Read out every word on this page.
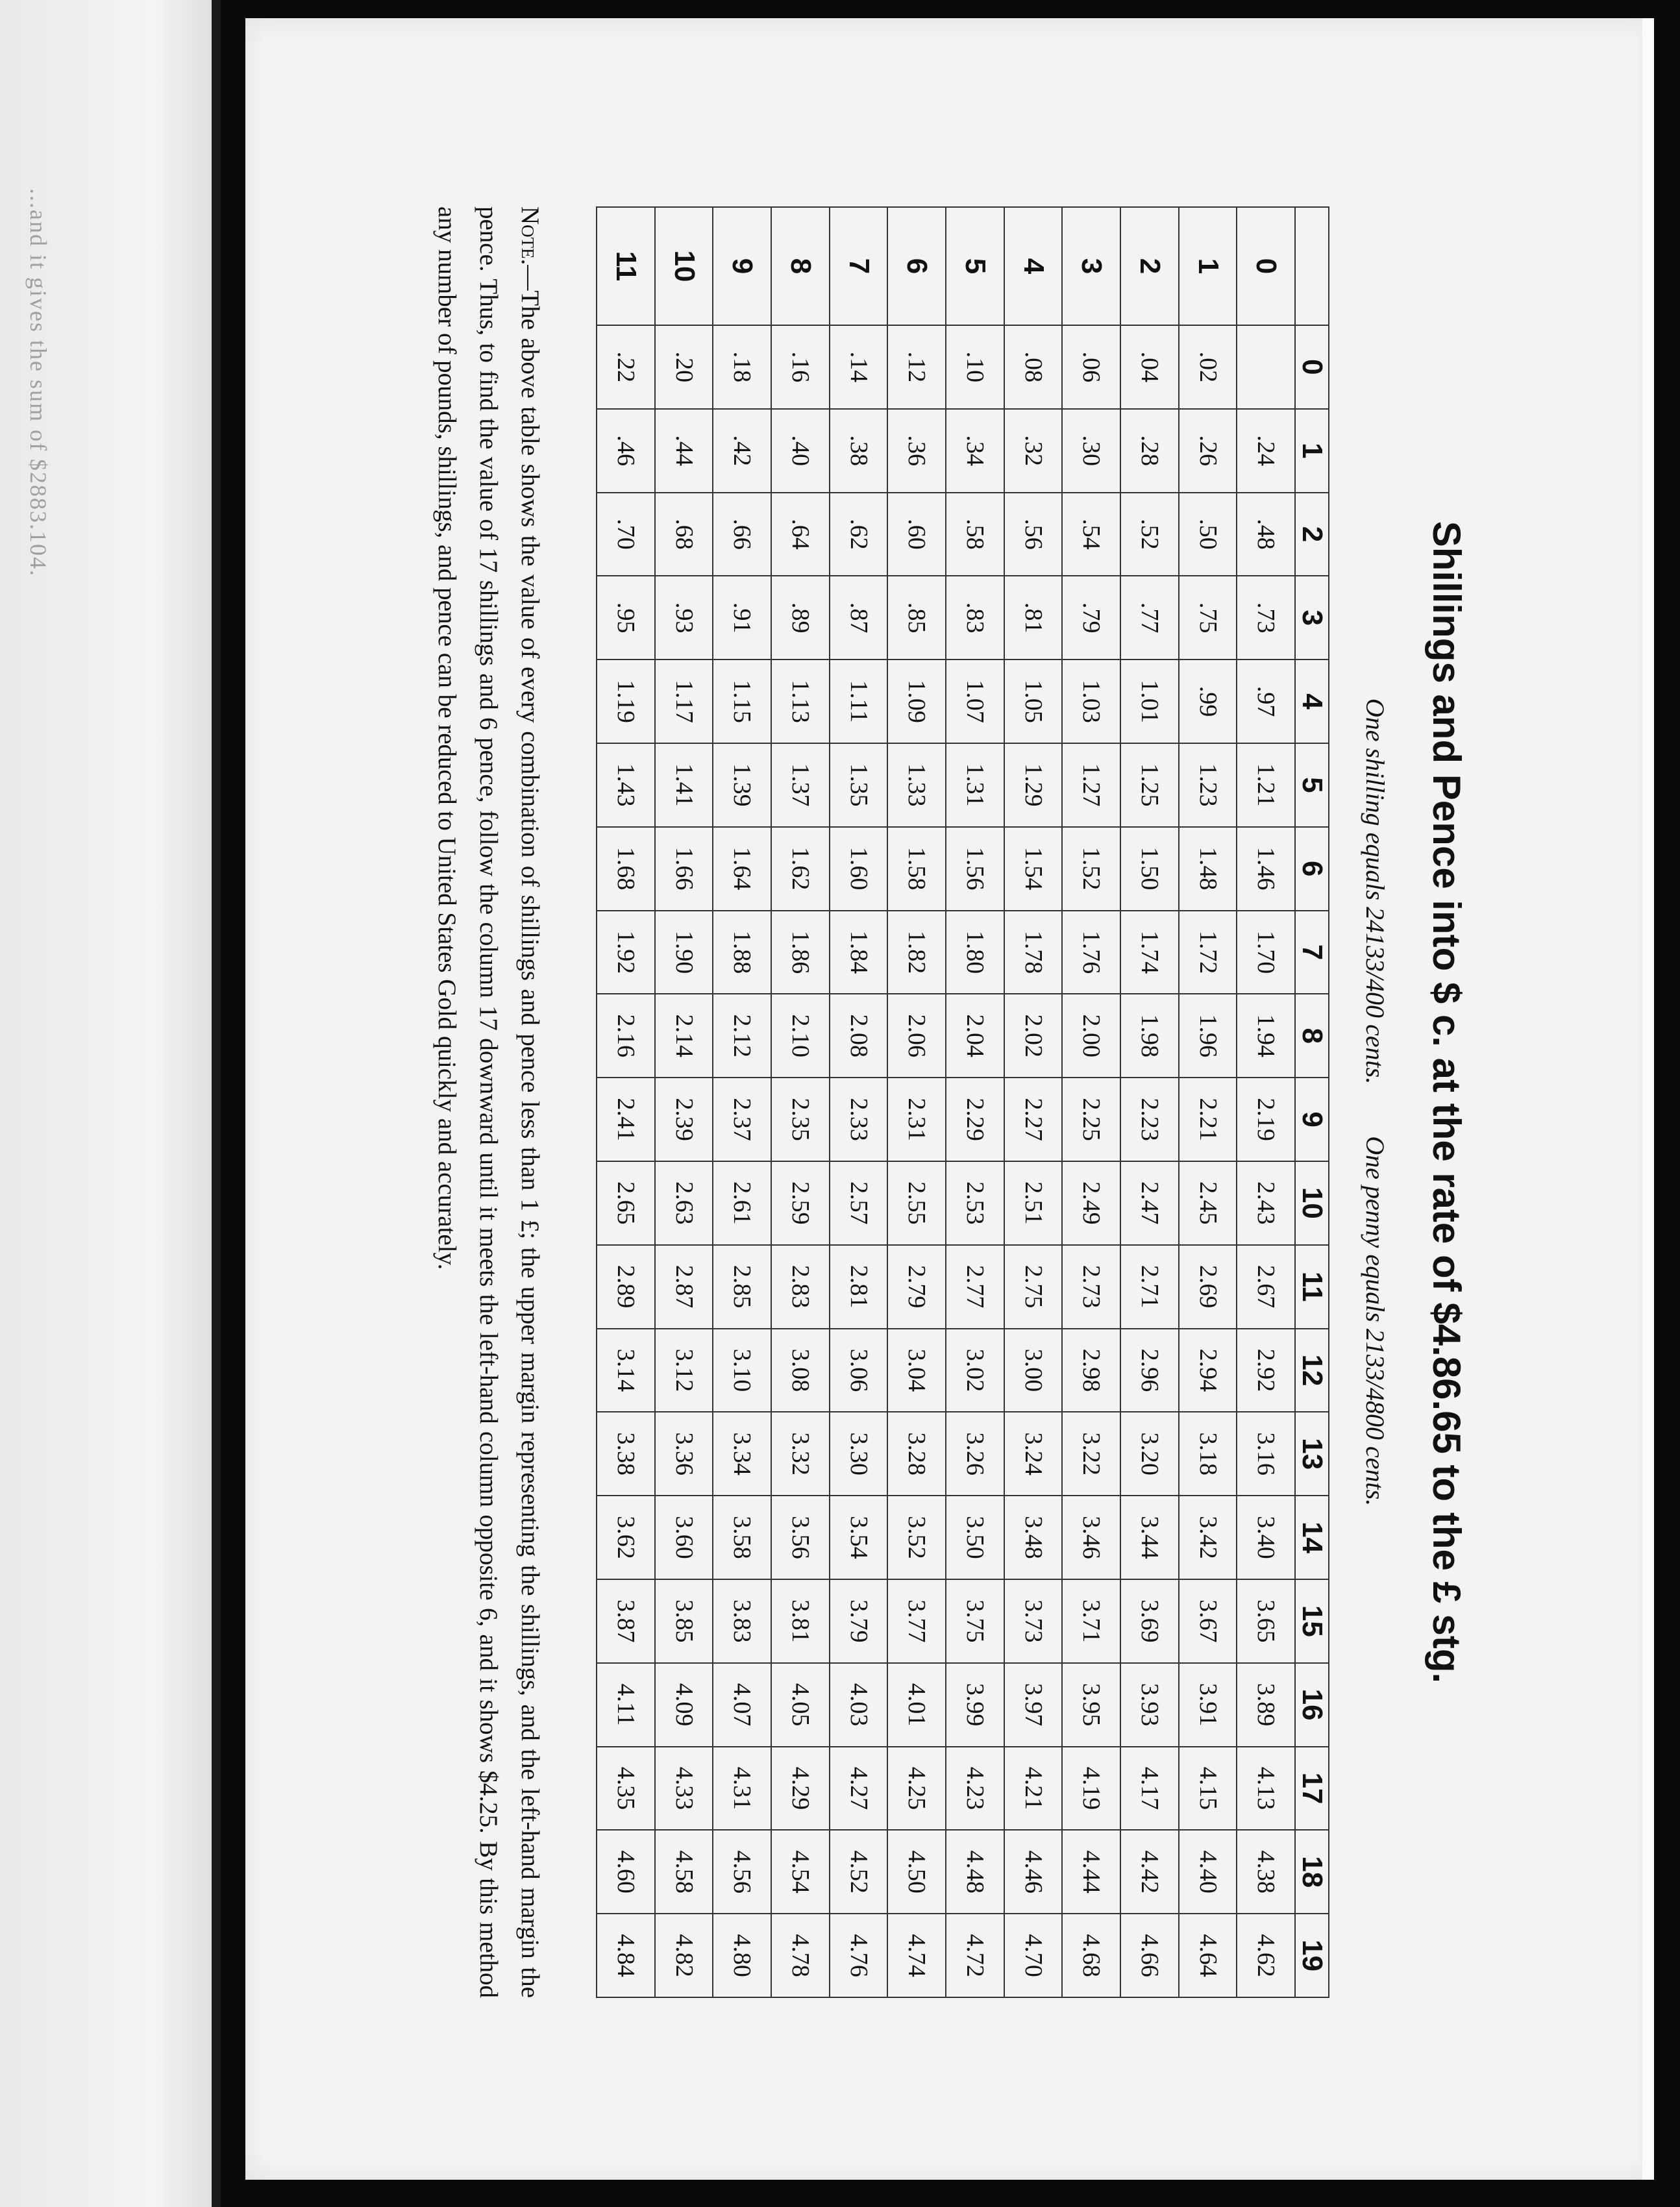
...and it gives the sum of $2883.104.
Shillings and Pence into $ c. at the rate of $4.86.65 to the £ stg.
One shilling equals 24133/400 cents.  One penny equals 2133/4800 cents.
	0	1	2	3	4	5	6	7	8	9	10	11	12	13	14	15	16	17	18	19
0		.24	.48	.73	.97	1.21	1.46	1.70	1.94	2.19	2.43	2.67	2.92	3.16	3.40	3.65	3.89	4.13	4.38	4.62
1	.02	.26	.50	.75	.99	1.23	1.48	1.72	1.96	2.21	2.45	2.69	2.94	3.18	3.42	3.67	3.91	4.15	4.40	4.64
2	.04	.28	.52	.77	1.01	1.25	1.50	1.74	1.98	2.23	2.47	2.71	2.96	3.20	3.44	3.69	3.93	4.17	4.42	4.66
3	.06	.30	.54	.79	1.03	1.27	1.52	1.76	2.00	2.25	2.49	2.73	2.98	3.22	3.46	3.71	3.95	4.19	4.44	4.68
4	.08	.32	.56	.81	1.05	1.29	1.54	1.78	2.02	2.27	2.51	2.75	3.00	3.24	3.48	3.73	3.97	4.21	4.46	4.70
5	.10	.34	.58	.83	1.07	1.31	1.56	1.80	2.04	2.29	2.53	2.77	3.02	3.26	3.50	3.75	3.99	4.23	4.48	4.72
6	.12	.36	.60	.85	1.09	1.33	1.58	1.82	2.06	2.31	2.55	2.79	3.04	3.28	3.52	3.77	4.01	4.25	4.50	4.74
7	.14	.38	.62	.87	1.11	1.35	1.60	1.84	2.08	2.33	2.57	2.81	3.06	3.30	3.54	3.79	4.03	4.27	4.52	4.76
8	.16	.40	.64	.89	1.13	1.37	1.62	1.86	2.10	2.35	2.59	2.83	3.08	3.32	3.56	3.81	4.05	4.29	4.54	4.78
9	.18	.42	.66	.91	1.15	1.39	1.64	1.88	2.12	2.37	2.61	2.85	3.10	3.34	3.58	3.83	4.07	4.31	4.56	4.80
10	.20	.44	.68	.93	1.17	1.41	1.66	1.90	2.14	2.39	2.63	2.87	3.12	3.36	3.60	3.85	4.09	4.33	4.58	4.82
11	.22	.46	.70	.95	1.19	1.43	1.68	1.92	2.16	2.41	2.65	2.89	3.14	3.38	3.62	3.87	4.11	4.35	4.60	4.84
Note.—The above table shows the value of every combination of shillings and pence less than 1 £; the upper margin representing the shillings, and the left-hand margin the pence. Thus, to find the value of 17 shillings and 6 pence, follow the column 17 downward until it meets the left-hand column opposite 6, and it shows $4.25. By this method any number of pounds, shillings, and pence can be reduced to United States Gold quickly and accurately.
